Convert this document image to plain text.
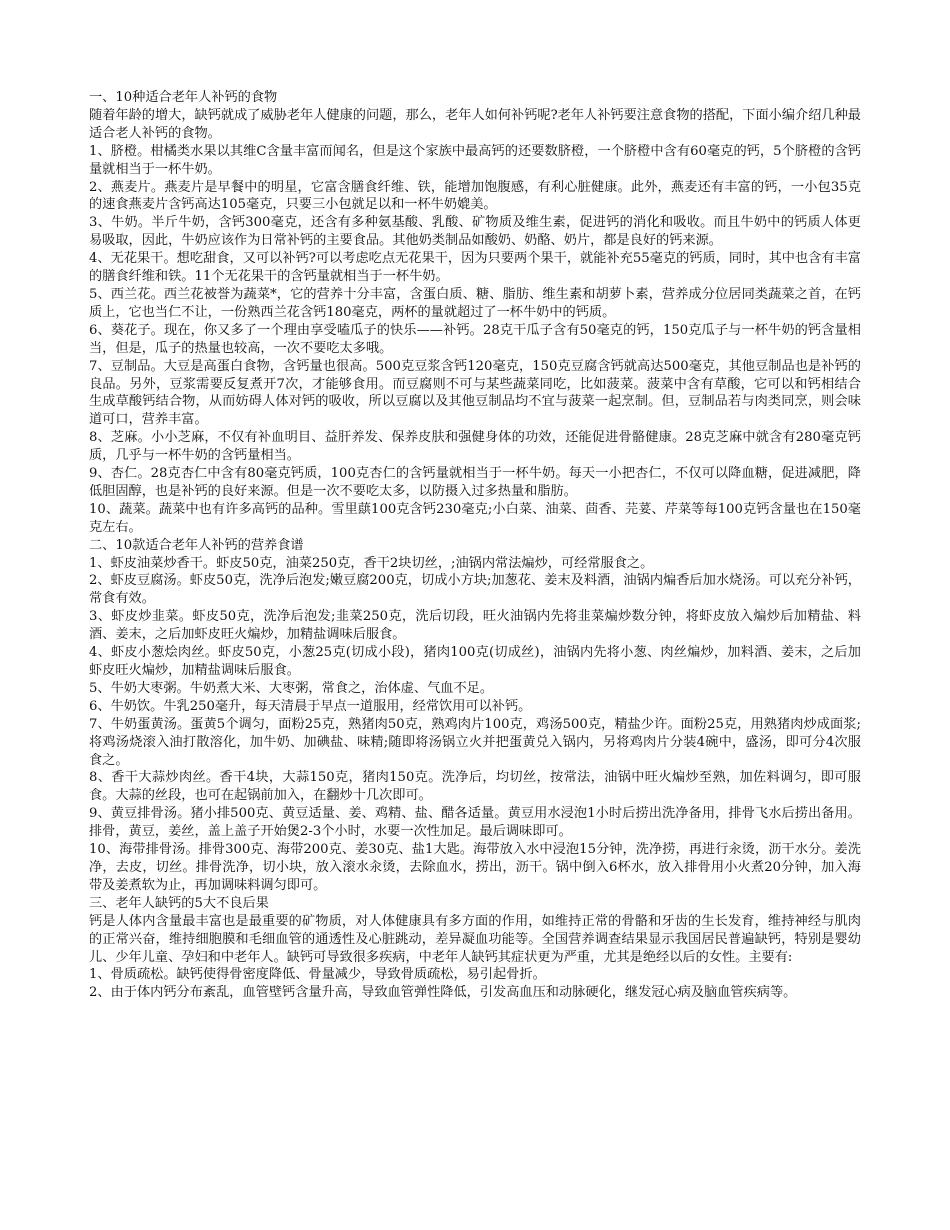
一、10种适合老年人补钙的食物

随着年龄的增大，缺钙就成了威胁老年人健康的问题，那么，老年人如何补钙呢?老年人补钙要注意食物的搭配，下面小编介绍几种最适合老人补钙的食物。

1、脐橙。柑橘类水果以其维C含量丰富而闻名，但是这个家族中最高钙的还要数脐橙，一个脐橙中含有60毫克的钙，5个脐橙的含钙量就相当于一杯牛奶。

2、燕麦片。燕麦片是早餐中的明星，它富含膳食纤维、铁，能增加饱腹感，有利心脏健康。此外，燕麦还有丰富的钙，一小包35克的速食燕麦片含钙高达105毫克，只要三小包就足以和一杯牛奶媲美。

3、牛奶。半斤牛奶，含钙300毫克，还含有多种氨基酸、乳酸、矿物质及维生素，促进钙的消化和吸收。而且牛奶中的钙质人体更易吸取，因此，牛奶应该作为日常补钙的主要食品。其他奶类制品如酸奶、奶酪、奶片，都是良好的钙来源。

4、无花果干。想吃甜食，又可以补钙?可以考虑吃点无花果干，因为只要两个果干，就能补充55毫克的钙质，同时，其中也含有丰富的膳食纤维和铁。11个无花果干的含钙量就相当于一杯牛奶。

5、西兰花。西兰花被誉为蔬菜*，它的营养十分丰富，含蛋白质、糖、脂肪、维生素和胡萝卜素，营养成分位居同类蔬菜之首，在钙质上，它也当仁不让，一份熟西兰花含钙180毫克，两杯的量就超过了一杯牛奶中的钙质。

6、葵花子。现在，你又多了一个理由享受嗑瓜子的快乐——补钙。28克干瓜子含有50毫克的钙，150克瓜子与一杯牛奶的钙含量相当，但是，瓜子的热量也较高，一次不要吃太多哦。

7、豆制品。大豆是高蛋白食物，含钙量也很高。500克豆浆含钙120毫克，150克豆腐含钙就高达500毫克，其他豆制品也是补钙的良品。另外，豆浆需要反复煮开7次，才能够食用。而豆腐则不可与某些蔬菜同吃，比如菠菜。菠菜中含有草酸，它可以和钙相结合生成草酸钙结合物，从而妨碍人体对钙的吸收，所以豆腐以及其他豆制品均不宜与菠菜一起烹制。但，豆制品若与肉类同烹，则会味道可口，营养丰富。

8、芝麻。小小芝麻，不仅有补血明目、益肝养发、保养皮肤和强健身体的功效，还能促进骨骼健康。28克芝麻中就含有280毫克钙质，几乎与一杯牛奶的含钙量相当。

9、杏仁。28克杏仁中含有80毫克钙质，100克杏仁的含钙量就相当于一杯牛奶。每天一小把杏仁，不仅可以降血糖，促进减肥，降低胆固醇，也是补钙的良好来源。但是一次不要吃太多，以防摄入过多热量和脂肪。

10、蔬菜。蔬菜中也有许多高钙的品种。雪里蕻100克含钙230毫克;小白菜、油菜、茴香、芫荽、芹菜等每100克钙含量也在150毫克左右。

二、10款适合老年人补钙的营养食谱

1、虾皮油菜炒香干。虾皮50克，油菜250克，香干2块切丝，;油锅内常法煸炒，可经常服食之。

2、虾皮豆腐汤。虾皮50克，洗净后泡发;嫩豆腐200克，切成小方块;加葱花、姜末及料酒，油锅内煸香后加水烧汤。可以充分补钙，常食有效。

3、虾皮炒韭菜。虾皮50克，洗净后泡发;韭菜250克，洗后切段，旺火油锅内先将韭菜煸炒数分钟，将虾皮放入煸炒后加精盐、料酒、姜末，之后加虾皮旺火煸炒，加精盐调味后服食。

4、虾皮小葱烩肉丝。虾皮50克，小葱25克(切成小段)，猪肉100克(切成丝)，油锅内先将小葱、肉丝煸炒，加料酒、姜末，之后加虾皮旺火煸炒，加精盐调味后服食。

5、牛奶大枣粥。牛奶煮大米、大枣粥，常食之，治体虚、气血不足。

6、牛奶饮。牛乳250毫升，每天清晨于早点一道服用，经常饮用可以补钙。

7、牛奶蛋黄汤。蛋黄5个调匀，面粉25克，熟猪肉50克，熟鸡肉片100克，鸡汤500克，精盐少许。面粉25克，用熟猪肉炒成面浆;将鸡汤烧滚入油打散溶化，加牛奶、加碘盐、味精;随即将汤锅立火并把蛋黄兑入锅内，另将鸡肉片分装4碗中，盛汤，即可分4次服食之。

8、香干大蒜炒肉丝。香干4块，大蒜150克，猪肉150克。洗净后，均切丝，按常法，油锅中旺火煸炒至熟，加佐料调匀，即可服食。大蒜的丝段，也可在起锅前加入，在翻炒十几次即可。

9、黄豆排骨汤。猪小排500克、黄豆适量、姜、鸡精、盐、醋各适量。黄豆用水浸泡1小时后捞出洗净备用，排骨飞水后捞出备用。排骨，黄豆，姜丝，盖上盖子开始煲2-3个小时，水要一次性加足。最后调味即可。

10、海带排骨汤。排骨300克、海带200克、姜30克、盐1大匙。海带放入水中浸泡15分钟，洗净捞，再进行汆烫，沥干水分。姜洗净，去皮，切丝。排骨洗净，切小块，放入滚水汆烫，去除血水，捞出，沥干。锅中倒入6杯水，放入排骨用小火煮20分钟，加入海带及姜煮软为止，再加调味料调匀即可。

三、老年人缺钙的5大不良后果

钙是人体内含量最丰富也是最重要的矿物质，对人体健康具有多方面的作用，如维持正常的骨骼和牙齿的生长发育，维持神经与肌肉的正常兴奋，维持细胞膜和毛细血管的通透性及心脏跳动，差异凝血功能等。全国营养调查结果显示我国居民普遍缺钙，特别是婴幼儿、少年儿童、孕妇和中老年人。缺钙可导致很多疾病，中老年人缺钙其症状更为严重，尤其是绝经以后的女性。主要有:

1、骨质疏松。缺钙使得骨密度降低、骨量减少，导致骨质疏松，易引起骨折。

2、由于体内钙分布紊乱，血管壁钙含量升高，导致血管弹性降低，引发高血压和动脉硬化，继发冠心病及脑血管疾病等。
